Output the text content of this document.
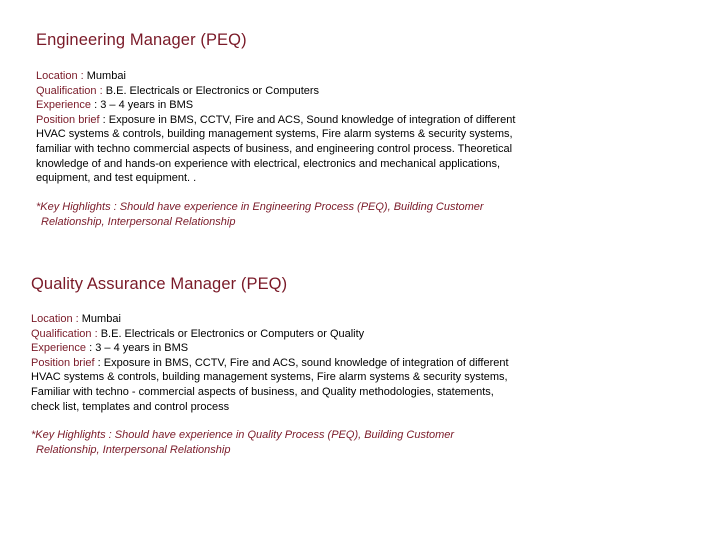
Engineering Manager (PEQ)
Location : Mumbai
Qualification : B.E. Electricals or Electronics or Computers
Experience : 3 – 4 years in BMS
Position brief : Exposure in BMS, CCTV, Fire and ACS, Sound knowledge of integration of different
HVAC systems & controls, building management systems, Fire alarm systems & security systems,
familiar with techno commercial aspects of business, and engineering control process. Theoretical
knowledge of and hands-on experience with electrical, electronics and mechanical applications,
equipment, and test equipment. .
*Key Highlights : Should have experience in Engineering Process (PEQ), Building Customer
Relationship, Interpersonal Relationship
Quality Assurance Manager (PEQ)
Location : Mumbai
Qualification : B.E. Electricals or Electronics or Computers or Quality
Experience : 3 – 4 years in BMS
Position brief : Exposure in BMS, CCTV, Fire and ACS, sound knowledge of integration of different
HVAC systems & controls, building management systems, Fire alarm systems & security systems,
Familiar with techno - commercial aspects of business, and Quality methodologies, statements,
check list, templates and control process
*Key Highlights : Should have experience in Quality Process (PEQ), Building Customer
Relationship, Interpersonal Relationship
